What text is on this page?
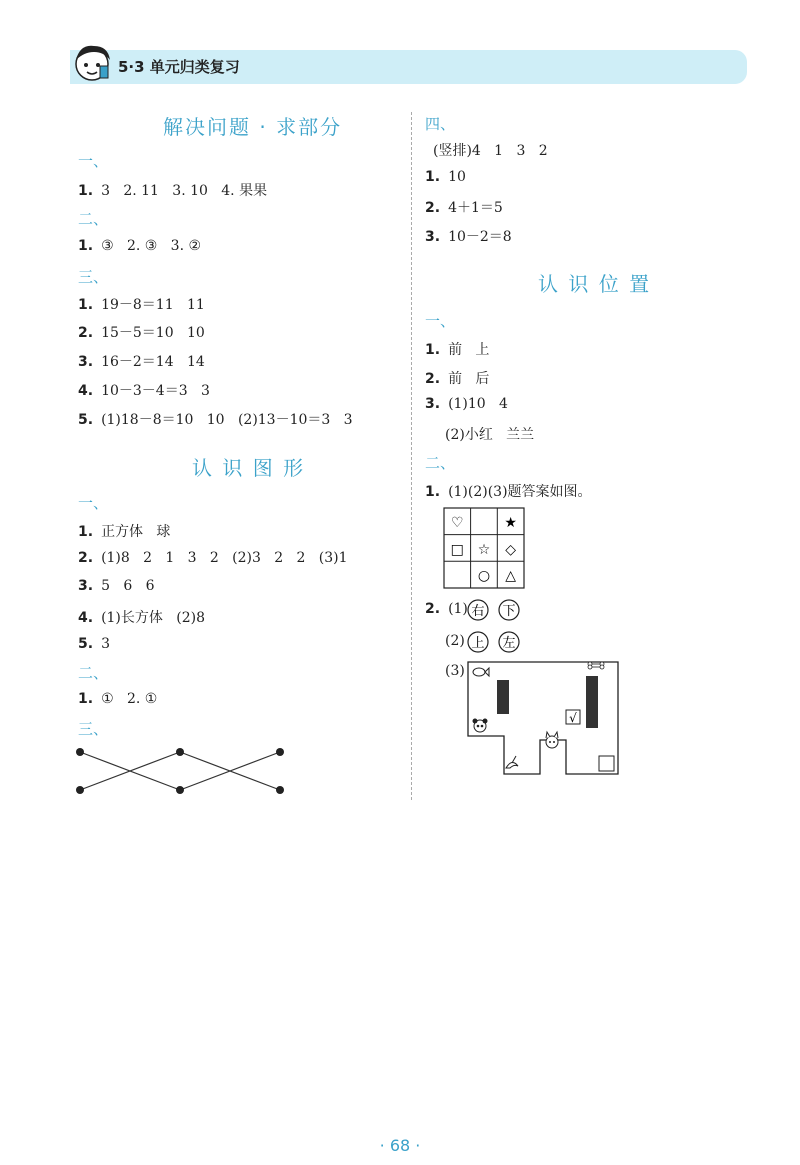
5·3 单元归类复习
解决问题 · 求部分
一、
1. 3   2. 11   3. 10   4. 果果
二、
1. ③   2. ③   3. ②
三、
1. 19－8＝11   11
2. 15－5＝10   10
3. 16－2＝14   14
4. 10－3－4＝3   3
5. (1)18－8＝10   10   (2)13－10＝3   3
认 识 图 形
一、
1. 正方体   球
2. (1)8   2   1   3   2   (2)3   2   2   (3)1
3. 5   6   6
4. (1)长方体   (2)8
5. 3
二、
1. ①   2. ①
三、
四、
(竖排)4   1   3   2
1. 10
2. 4＋1＝5
3. 10－2＝8
认 识 位 置
一、
1. 前   上
2. 前   后
3. (1)10   4
(2)小红   兰兰
二、
1. (1)(2)(3)题答案如图。
♡	★
□ ☆ ◇
○ △
2. (1) 右 下
(2) 上 左
(3)
√
· 68 ·
